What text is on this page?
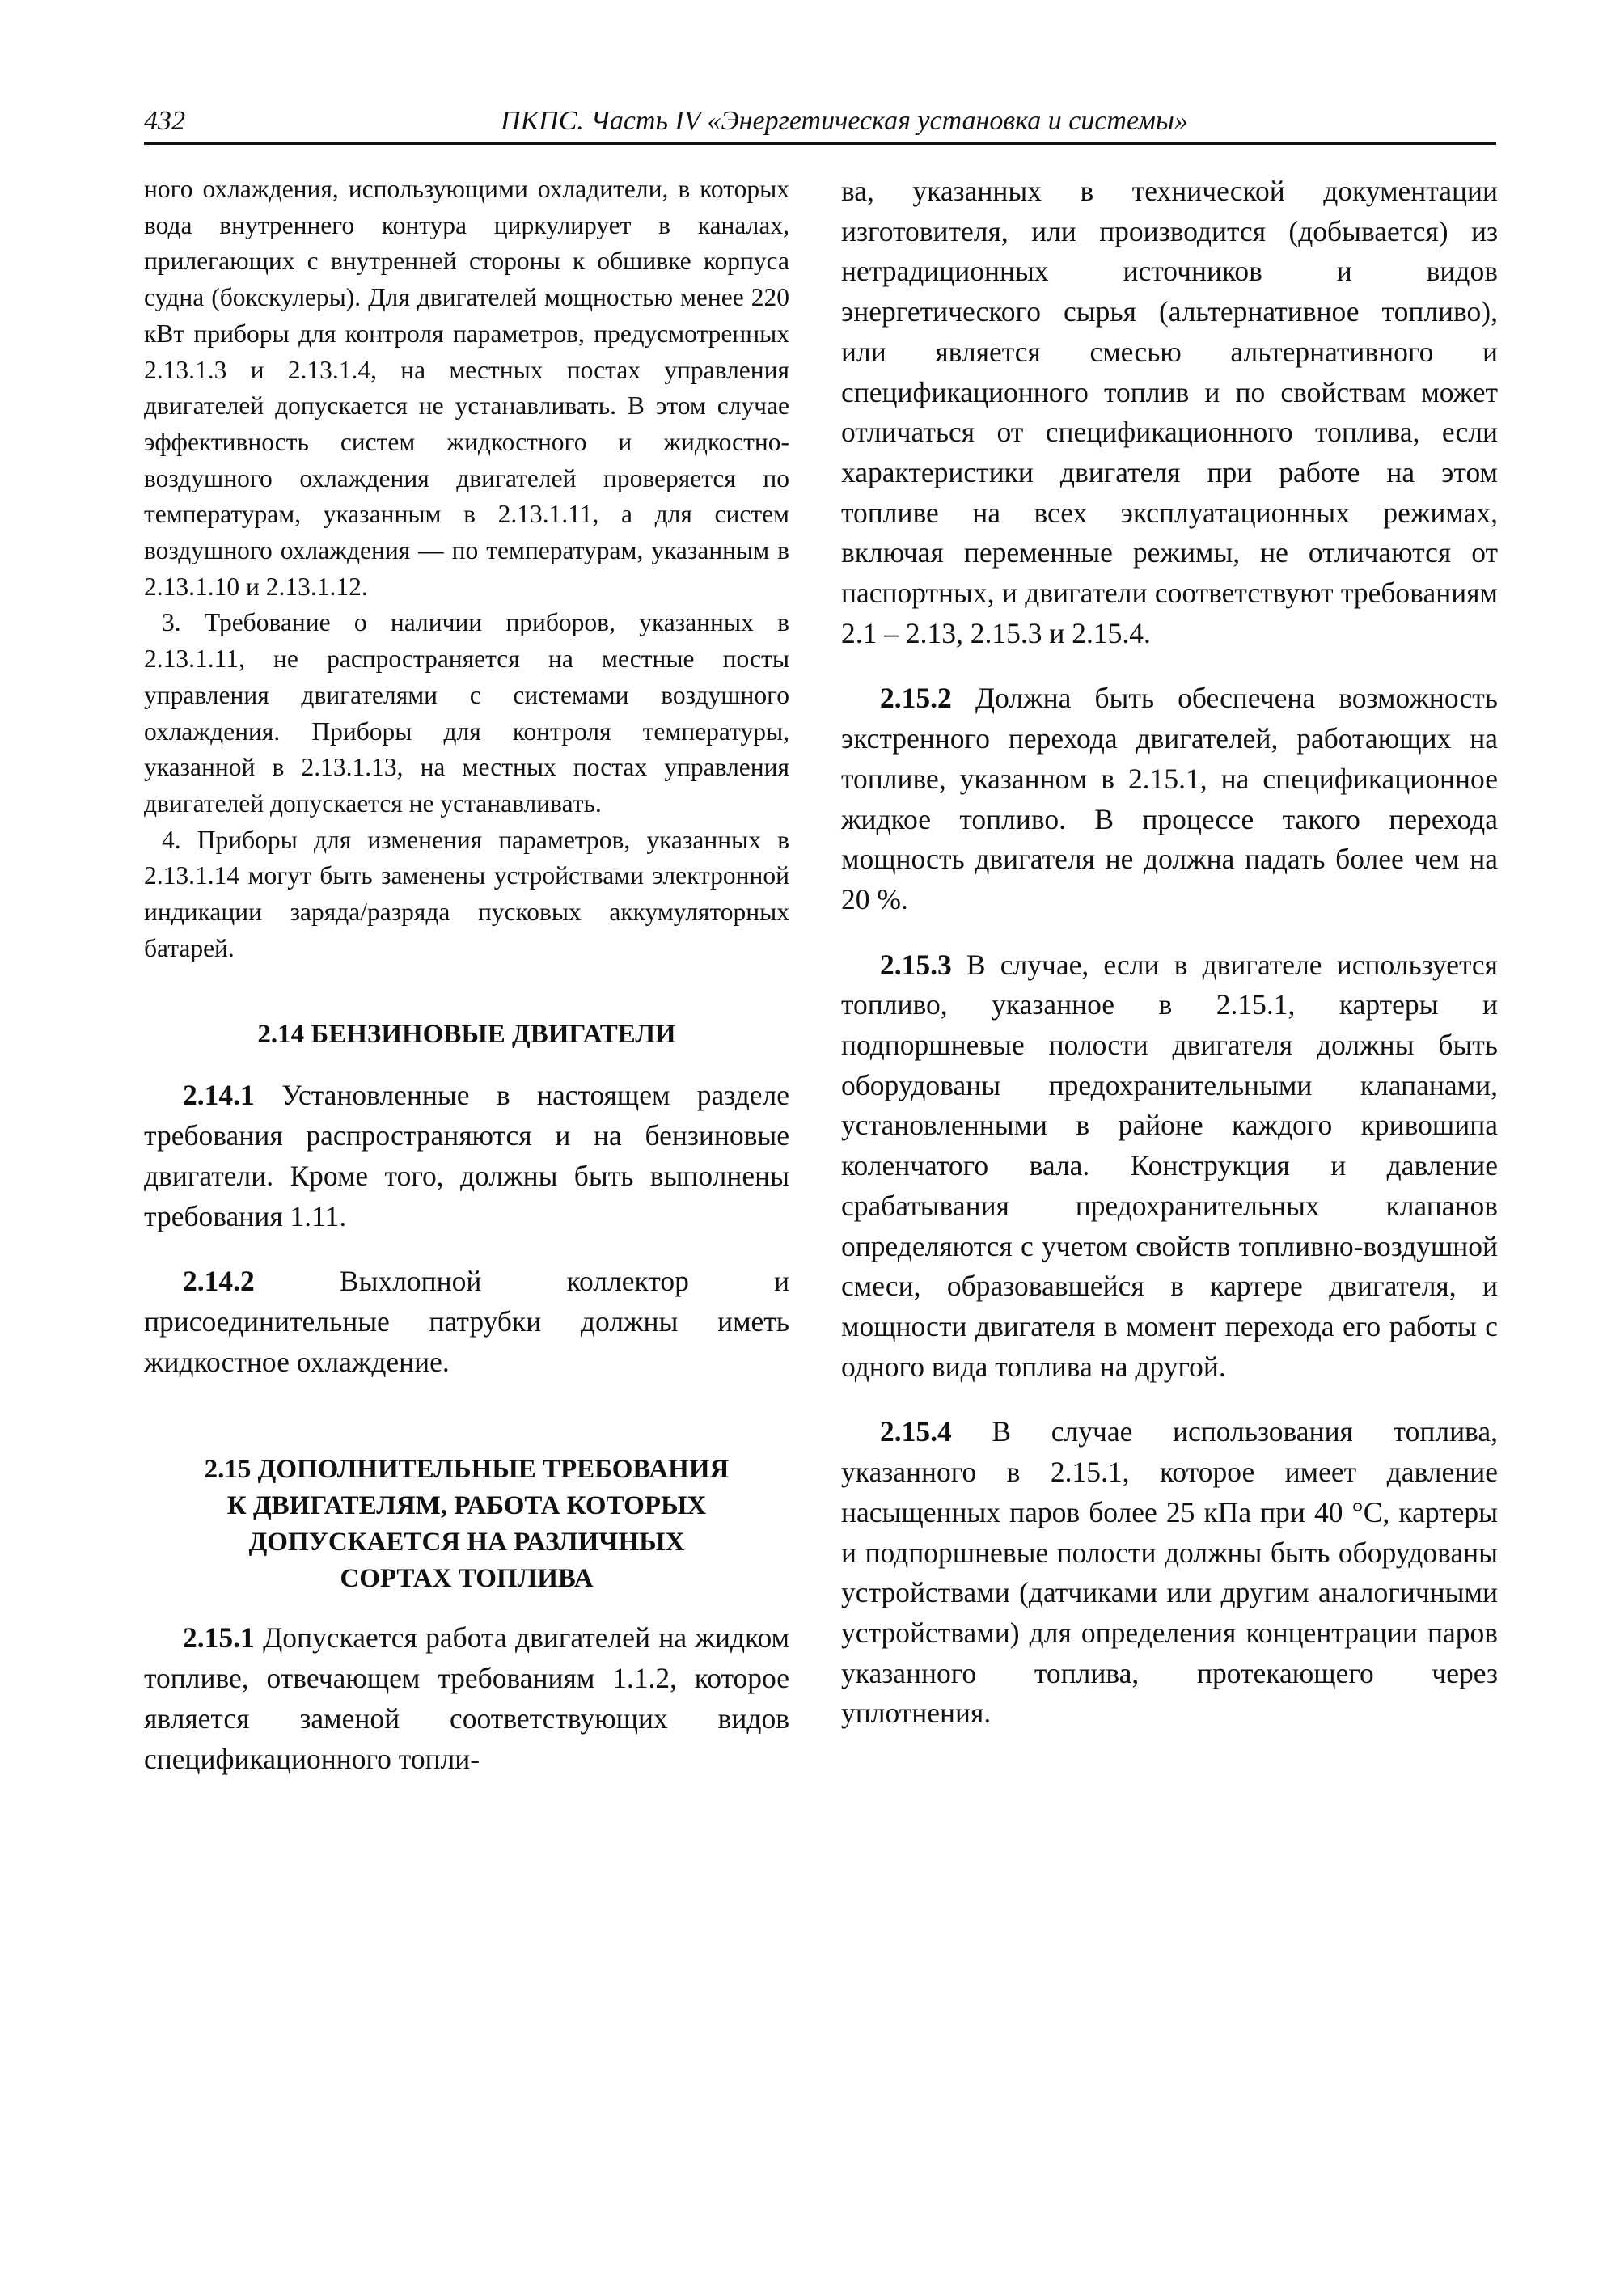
432	ПКПС. Часть IV «Энергетическая установка и системы»

ного охлаждения, использующими охладители, в которых вода внутреннего контура циркулирует в каналах, прилегающих с внутренней стороны к обшивке корпуса судна (бокскулеры). Для двигателей мощностью менее 220 кВт приборы для контроля параметров, предусмотренных 2.13.1.3 и 2.13.1.4, на местных постах управления двигателей допускается не устанавливать. В этом случае эффективность систем жидкостного и жидкостно-воздушного охлаждения двигателей проверяется по температурам, указанным в 2.13.1.11, а для систем воздушного охлаждения — по температурам, указанным в 2.13.1.10 и 2.13.1.12.

3. Требование о наличии приборов, указанных в 2.13.1.11, не распространяется на местные посты управления двигателями с системами воздушного охлаждения. Приборы для контроля температуры, указанной в 2.13.1.13, на местных постах управления двигателей допускается не устанавливать.

4. Приборы для изменения параметров, указанных в 2.13.1.14 могут быть заменены устройствами электронной индикации заряда/разряда пусковых аккумуляторных батарей.

2.14 БЕНЗИНОВЫЕ ДВИГАТЕЛИ

2.14.1 Установленные в настоящем разделе требования распространяются и на бензиновые двигатели. Кроме того, должны быть выполнены требования 1.11.

2.14.2 Выхлопной коллектор и присоединительные патрубки должны иметь жидкостное охлаждение.

2.15 ДОПОЛНИТЕЛЬНЫЕ ТРЕБОВАНИЯ
К ДВИГАТЕЛЯМ, РАБОТА КОТОРЫХ
ДОПУСКАЕТСЯ НА РАЗЛИЧНЫХ
СОРТАХ ТОПЛИВА

2.15.1 Допускается работа двигателей на жидком топливе, отвечающем требованиям 1.1.2, которое является заменой соответствующих видов спецификационного топли-

ва, указанных в технической документации изготовителя, или производится (добывается) из нетрадиционных источников и видов энергетического сырья (альтернативное топливо), или является смесью альтернативного и спецификационного топлив и по свойствам может отличаться от спецификационного топлива, если характеристики двигателя при работе на этом топливе на всех эксплуатационных режимах, включая переменные режимы, не отличаются от паспортных, и двигатели соответствуют требованиям 2.1 – 2.13, 2.15.3 и 2.15.4.

2.15.2 Должна быть обеспечена возможность экстренного перехода двигателей, работающих на топливе, указанном в 2.15.1, на спецификационное жидкое топливо. В процессе такого перехода мощность двигателя не должна падать более чем на 20 %.

2.15.3 В случае, если в двигателе используется топливо, указанное в 2.15.1, картеры и подпоршневые полости двигателя должны быть оборудованы предохранительными клапанами, установленными в районе каждого кривошипа коленчатого вала. Конструкция и давление срабатывания предохранительных клапанов определяются с учетом свойств топливно-воздушной смеси, образовавшейся в картере двигателя, и мощности двигателя в момент перехода его работы с одного вида топлива на другой.

2.15.4 В случае использования топлива, указанного в 2.15.1, которое имеет давление насыщенных паров более 25 кПа при 40 °С, картеры и подпоршневые полости должны быть оборудованы устройствами (датчиками или другим аналогичными устройствами) для определения концентрации паров указанного топлива, протекающего через уплотнения.
